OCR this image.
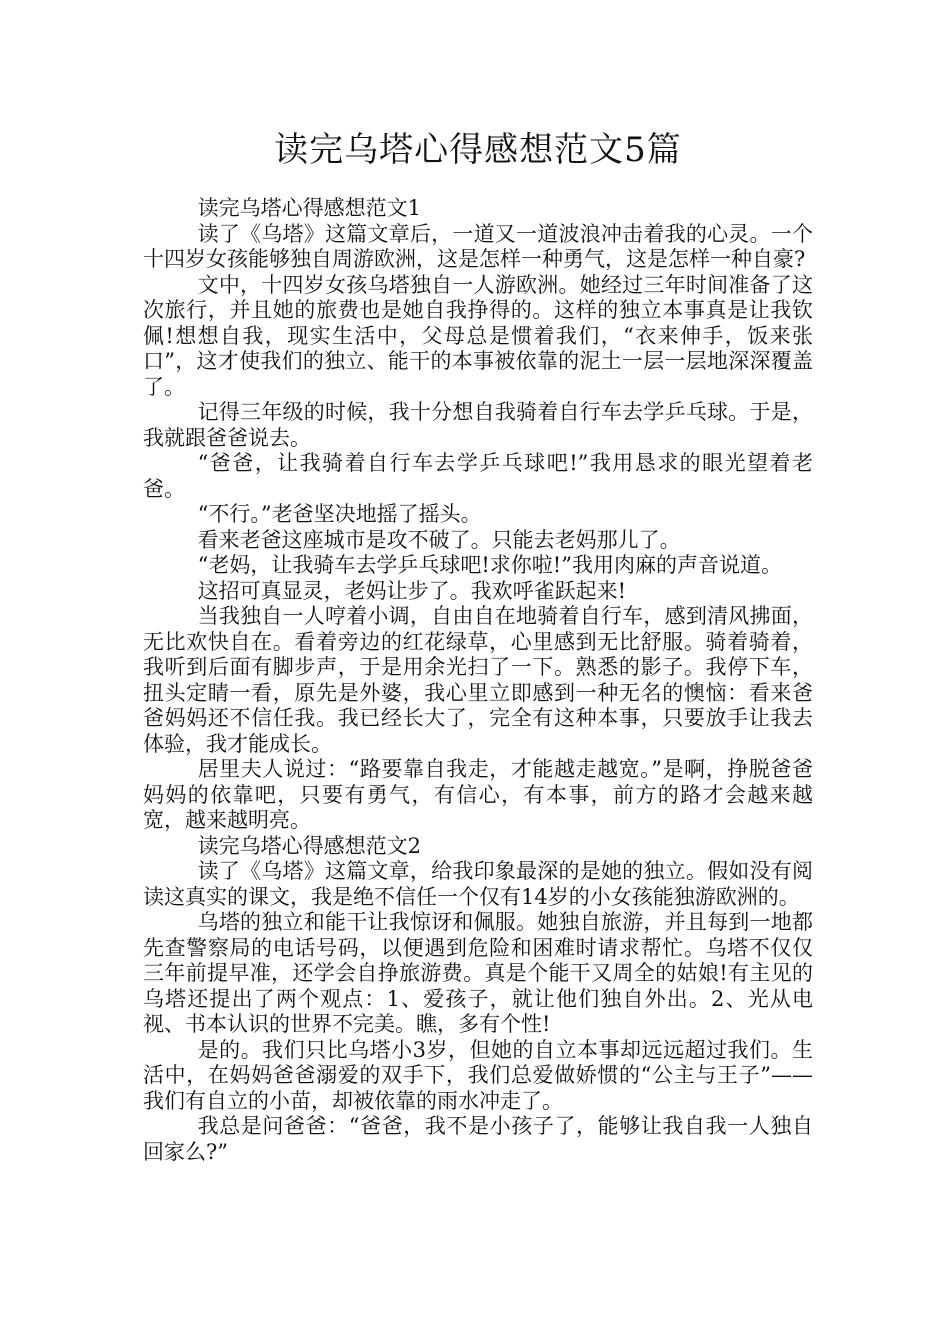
读完乌塔心得感想范文5篇

读完乌塔心得感想范文1

读了《乌塔》这篇文章后，一道又一道波浪冲击着我的心灵。一个十四岁女孩能够独自周游欧洲，这是怎样一种勇气，这是怎样一种自豪?

文中，十四岁女孩乌塔独自一人游欧洲。她经过三年时间准备了这次旅行，并且她的旅费也是她自我挣得的。这样的独立本事真是让我钦佩!想想自我，现实生活中，父母总是惯着我们，“衣来伸手，饭来张口”，这才使我们的独立、能干的本事被依靠的泥土一层一层地深深覆盖了。

记得三年级的时候，我十分想自我骑着自行车去学乒乓球。于是，我就跟爸爸说去。

“爸爸，让我骑着自行车去学乒乓球吧!”我用恳求的眼光望着老爸。

“不行。”老爸坚决地摇了摇头。

看来老爸这座城市是攻不破了。只能去老妈那儿了。

“老妈，让我骑车去学乒乓球吧!求你啦!”我用肉麻的声音说道。

这招可真显灵，老妈让步了。我欢呼雀跃起来!

当我独自一人哼着小调，自由自在地骑着自行车，感到清风拂面，无比欢快自在。看着旁边的红花绿草，心里感到无比舒服。骑着骑着，我听到后面有脚步声，于是用余光扫了一下。熟悉的影子。我停下车，扭头定睛一看，原先是外婆，我心里立即感到一种无名的懊恼：看来爸爸妈妈还不信任我。我已经长大了，完全有这种本事，只要放手让我去体验，我才能成长。

居里夫人说过：“路要靠自我走，才能越走越宽。”是啊，挣脱爸爸妈妈的依靠吧，只要有勇气，有信心，有本事，前方的路才会越来越宽，越来越明亮。

读完乌塔心得感想范文2

读了《乌塔》这篇文章，给我印象最深的是她的独立。假如没有阅读这真实的课文，我是绝不信任一个仅有14岁的小女孩能独游欧洲的。

乌塔的独立和能干让我惊讶和佩服。她独自旅游，并且每到一地都先查警察局的电话号码，以便遇到危险和困难时请求帮忙。乌塔不仅仅三年前提早准，还学会自挣旅游费。真是个能干又周全的姑娘!有主见的乌塔还提出了两个观点：1、爱孩子，就让他们独自外出。2、光从电视、书本认识的世界不完美。瞧，多有个性!

是的。我们只比乌塔小3岁，但她的自立本事却远远超过我们。生活中，在妈妈爸爸溺爱的双手下，我们总爱做娇惯的“公主与王子”——我们有自立的小苗，却被依靠的雨水冲走了。

我总是问爸爸：“爸爸，我不是小孩子了，能够让我自我一人独自回家么?”
